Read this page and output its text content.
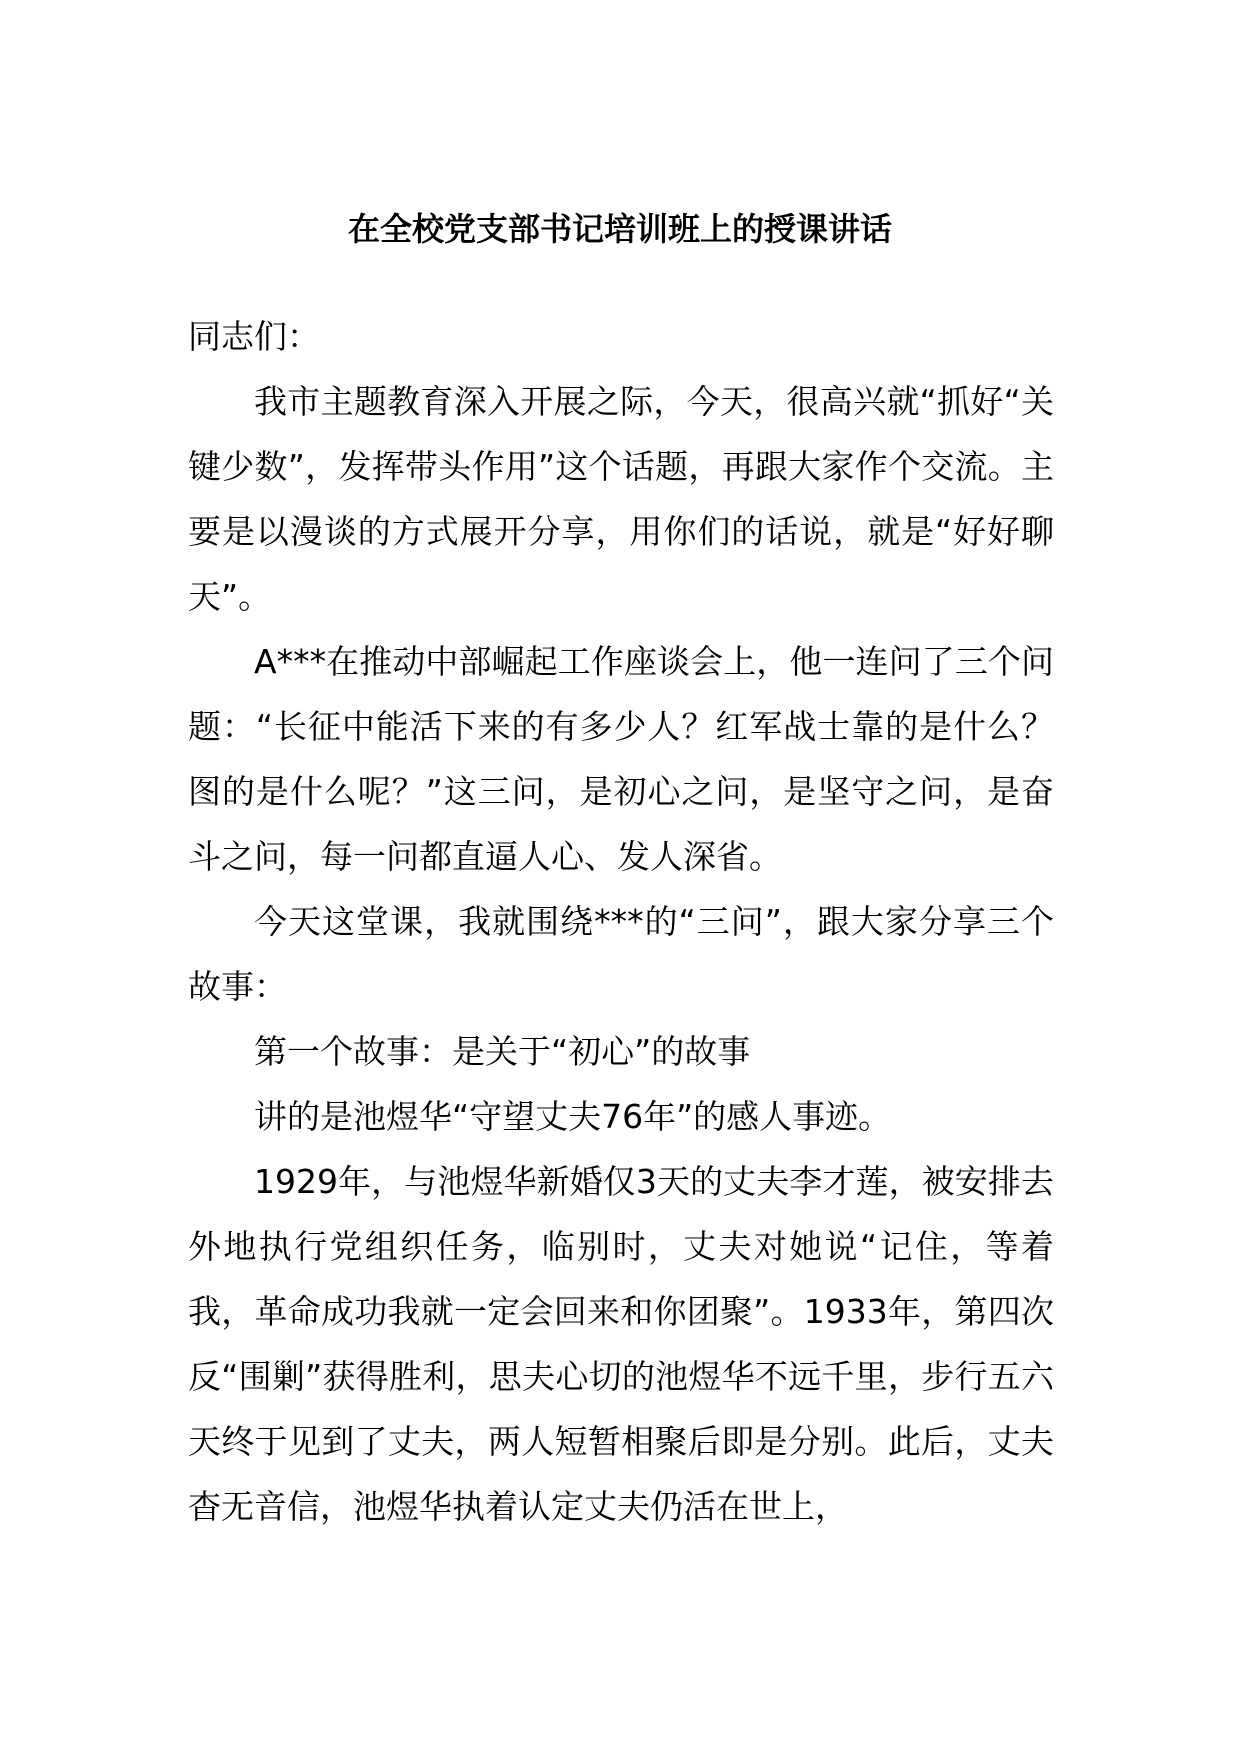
在全校党支部书记培训班上的授课讲话

同志们：

我市主题教育深入开展之际，今天，很高兴就“抓好“关键少数”，发挥带头作用”这个话题，再跟大家作个交流。主要是以漫谈的方式展开分享，用你们的话说，就是“好好聊天”。

A***在推动中部崛起工作座谈会上，他一连问了三个问题：“长征中能活下来的有多少人？红军战士靠的是什么？图的是什么呢？”这三问，是初心之问，是坚守之问，是奋斗之问，每一问都直逼人心、发人深省。

今天这堂课，我就围绕***的“三问”，跟大家分享三个故事：

第一个故事：是关于“初心”的故事

讲的是池煜华“守望丈夫76年”的感人事迹。

1929年，与池煜华新婚仅3天的丈夫李才莲，被安排去外地执行党组织任务，临别时，丈夫对她说“记住，等着我，革命成功我就一定会回来和你团聚”。1933年，第四次反“围剿”获得胜利，思夫心切的池煜华不远千里，步行五六天终于见到了丈夫，两人短暂相聚后即是分别。此后，丈夫杳无音信，池煜华执着认定丈夫仍活在世上，
